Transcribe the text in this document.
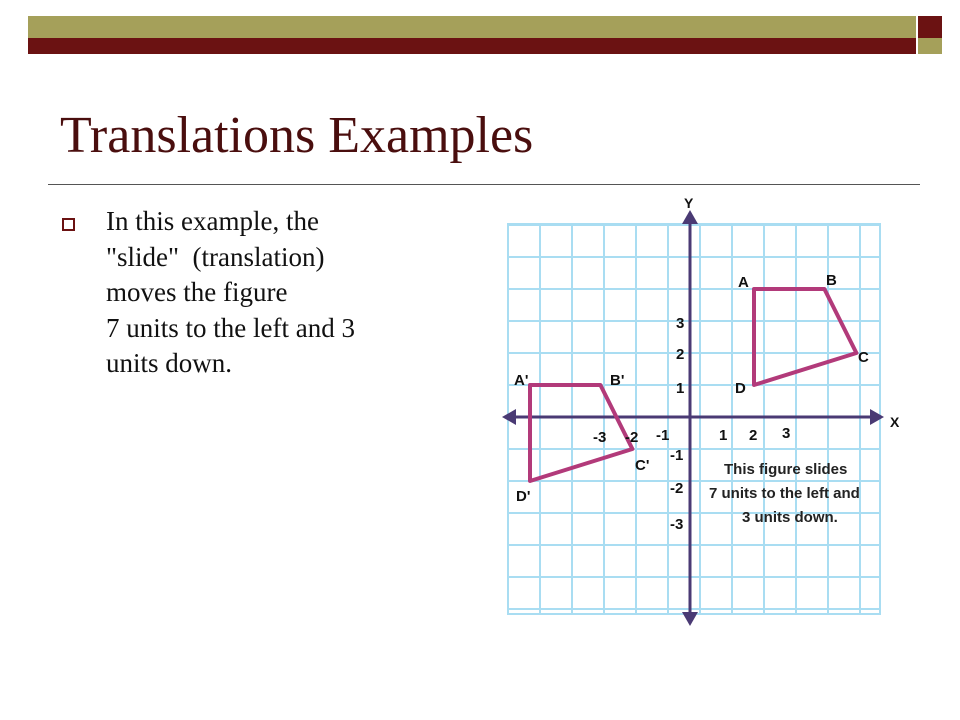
Translations Examples
In this example, the
"slide"  (translation)
moves the figure
7 units to the left and 3
units down.
Y
X
-3 -2 -1	1 2 3
3
2
1
-1
-2
-3
A	B
C
D
A'	B'
C'
D'
This figure slides
7 units to the left and
3 units down.
